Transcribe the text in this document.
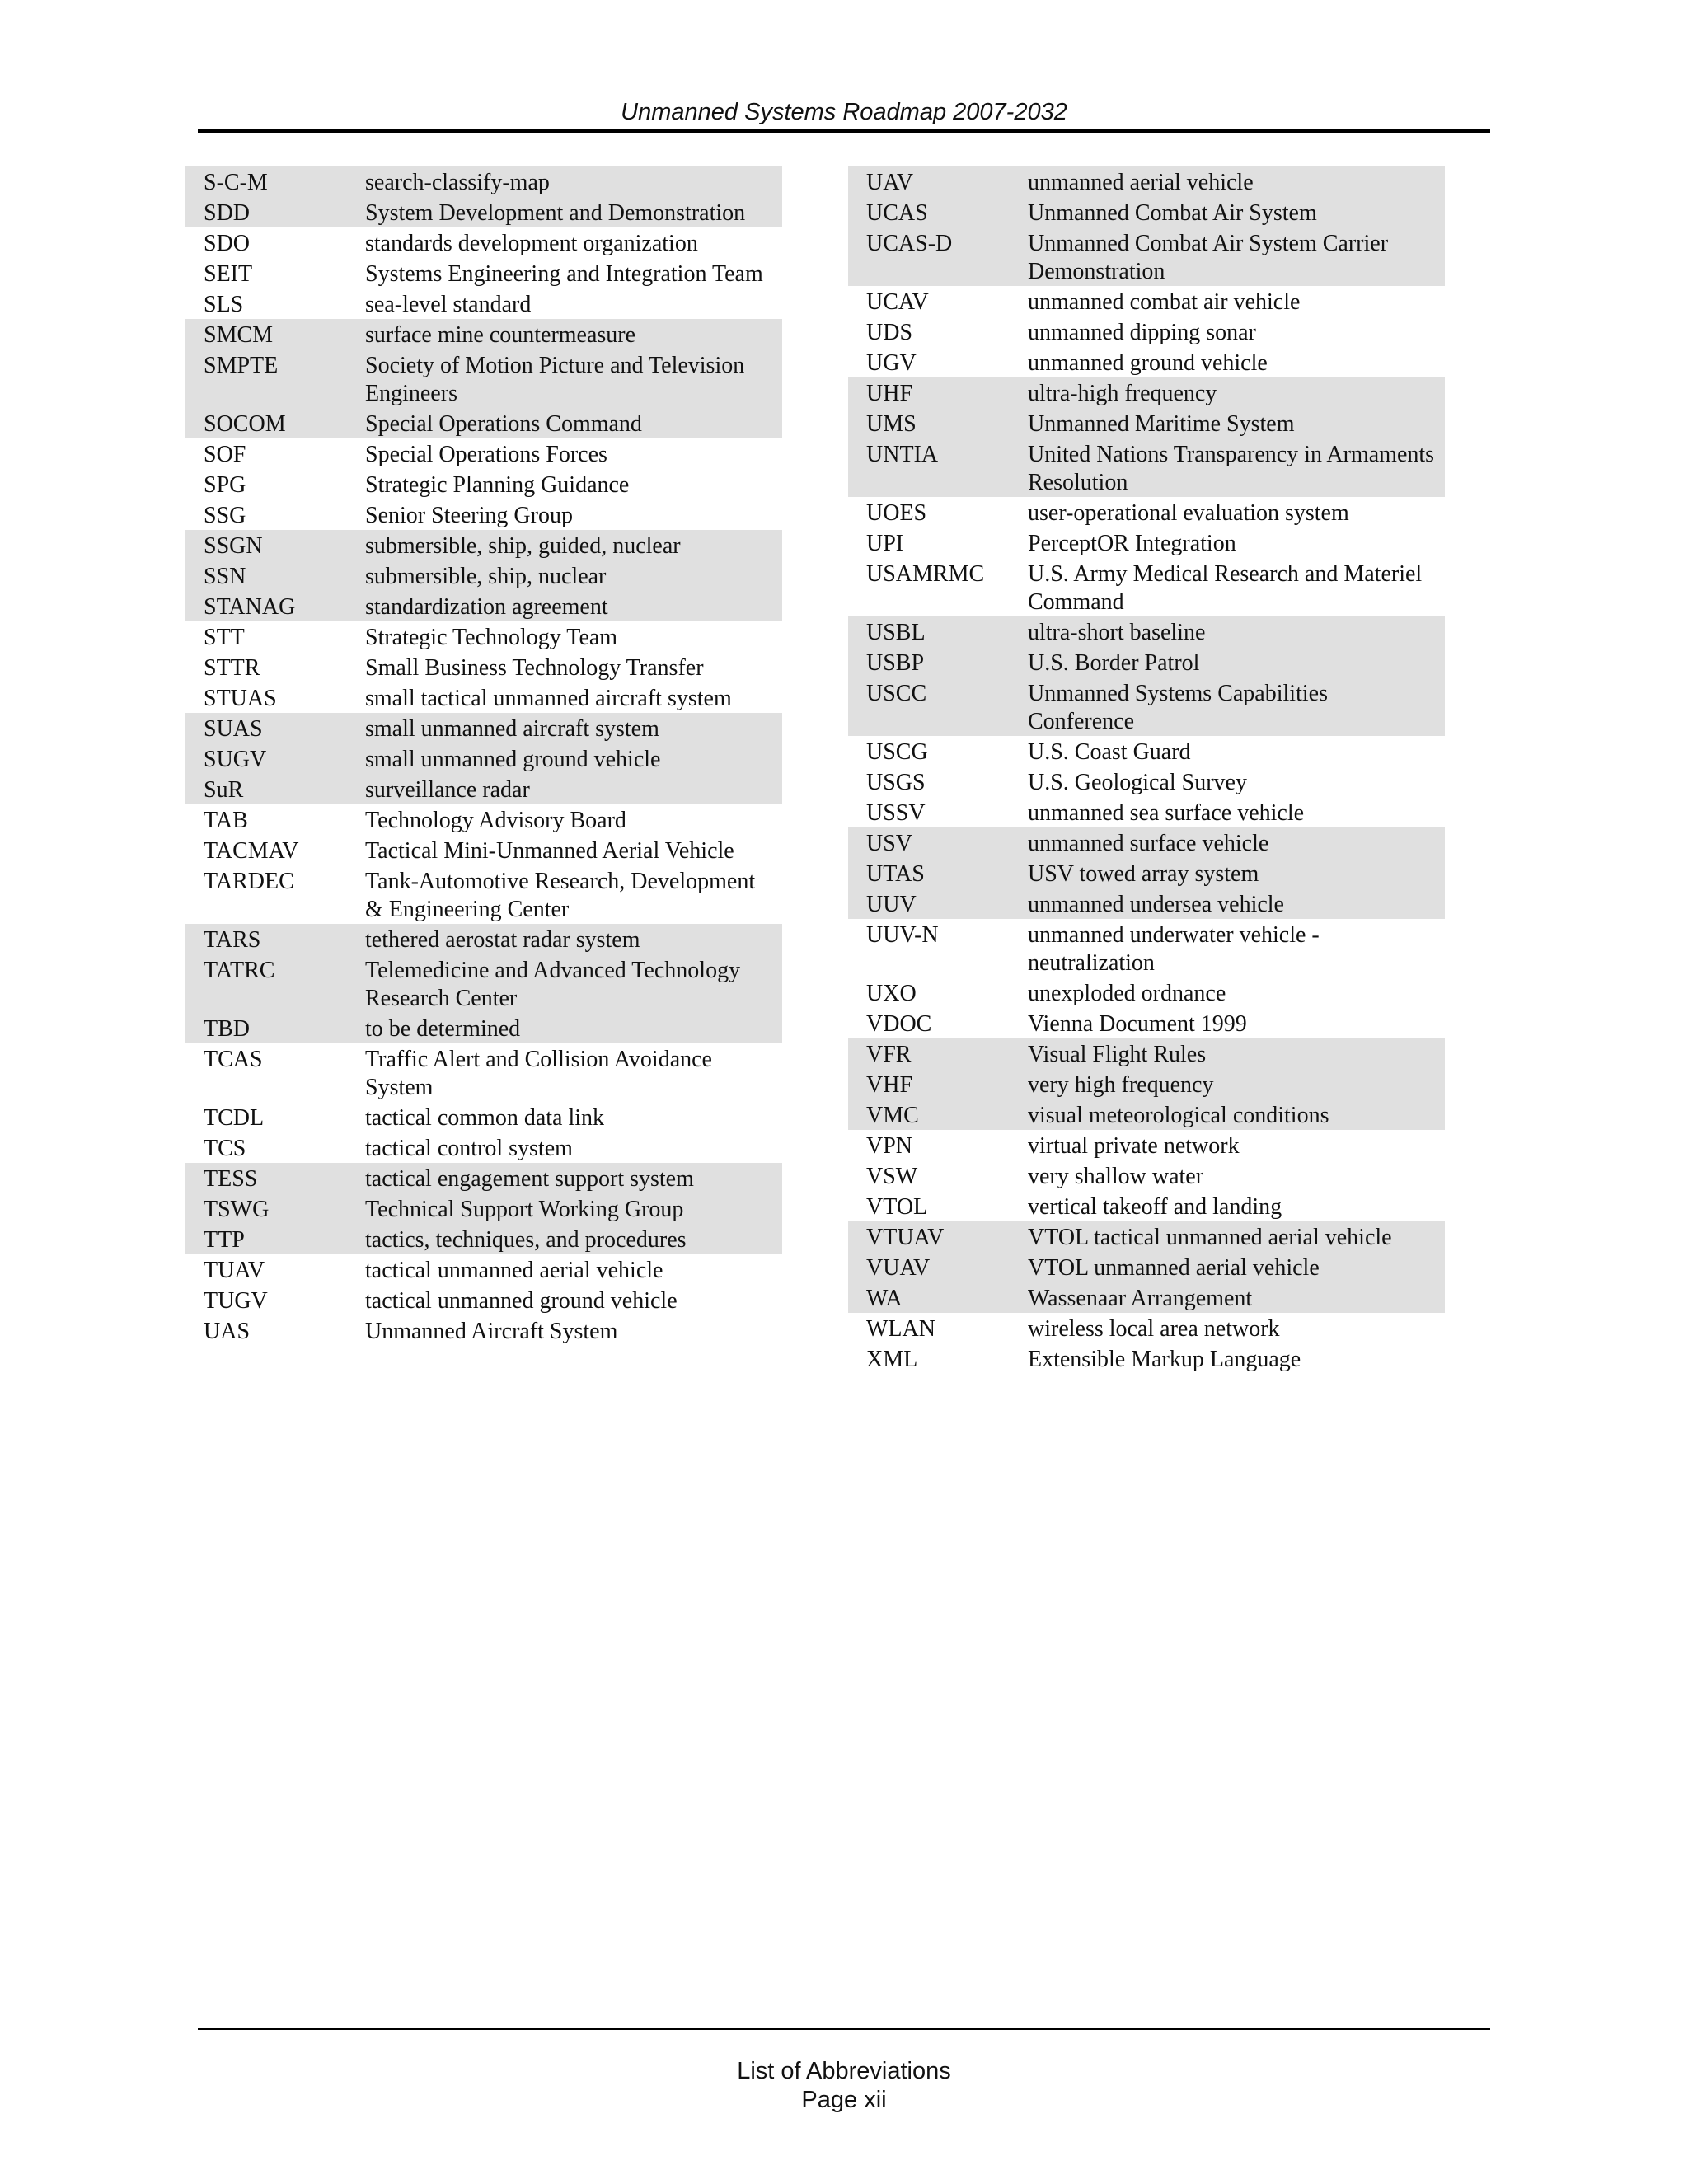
Unmanned Systems Roadmap 2007-2032
S-C-M	search-classify-map
SDD	System Development and Demonstration
SDO	standards development organization
SEIT	Systems Engineering and Integration Team
SLS	sea-level standard
SMCM	surface mine countermeasure
SMPTE	Society of Motion Picture and Television Engineers
SOCOM	Special Operations Command
SOF	Special Operations Forces
SPG	Strategic Planning Guidance
SSG	Senior Steering Group
SSGN	submersible, ship, guided, nuclear
SSN	submersible, ship, nuclear
STANAG	standardization agreement
STT	Strategic Technology Team
STTR	Small Business Technology Transfer
STUAS	small tactical unmanned aircraft system
SUAS	small unmanned aircraft system
SUGV	small unmanned ground vehicle
SuR	surveillance radar
TAB	Technology Advisory Board
TACMAV	Tactical Mini-Unmanned Aerial Vehicle
TARDEC	Tank-Automotive Research, Development & Engineering Center
TARS	tethered aerostat radar system
TATRC	Telemedicine and Advanced Technology Research Center
TBD	to be determined
TCAS	Traffic Alert and Collision Avoidance System
TCDL	tactical common data link
TCS	tactical control system
TESS	tactical engagement support system
TSWG	Technical Support Working Group
TTP	tactics, techniques, and procedures
TUAV	tactical unmanned aerial vehicle
TUGV	tactical unmanned ground vehicle
UAS	Unmanned Aircraft System
UAV	unmanned aerial vehicle
UCAS	Unmanned Combat Air System
UCAS-D	Unmanned Combat Air System Carrier Demonstration
UCAV	unmanned combat air vehicle
UDS	unmanned dipping sonar
UGV	unmanned ground vehicle
UHF	ultra-high frequency
UMS	Unmanned Maritime System
UNTIA	United Nations Transparency in Armaments Resolution
UOES	user-operational evaluation system
UPI	PerceptOR Integration
USAMRMC	U.S. Army Medical Research and Materiel Command
USBL	ultra-short baseline
USBP	U.S. Border Patrol
USCC	Unmanned Systems Capabilities Conference
USCG	U.S. Coast Guard
USGS	U.S. Geological Survey
USSV	unmanned sea surface vehicle
USV	unmanned surface vehicle
UTAS	USV towed array system
UUV	unmanned undersea vehicle
UUV-N	unmanned underwater vehicle - neutralization
UXO	unexploded ordnance
VDOC	Vienna Document 1999
VFR	Visual Flight Rules
VHF	very high frequency
VMC	visual meteorological conditions
VPN	virtual private network
VSW	very shallow water
VTOL	vertical takeoff and landing
VTUAV	VTOL tactical unmanned aerial vehicle
VUAV	VTOL unmanned aerial vehicle
WA	Wassenaar Arrangement
WLAN	wireless local area network
XML	Extensible Markup Language
List of Abbreviations
Page xii
